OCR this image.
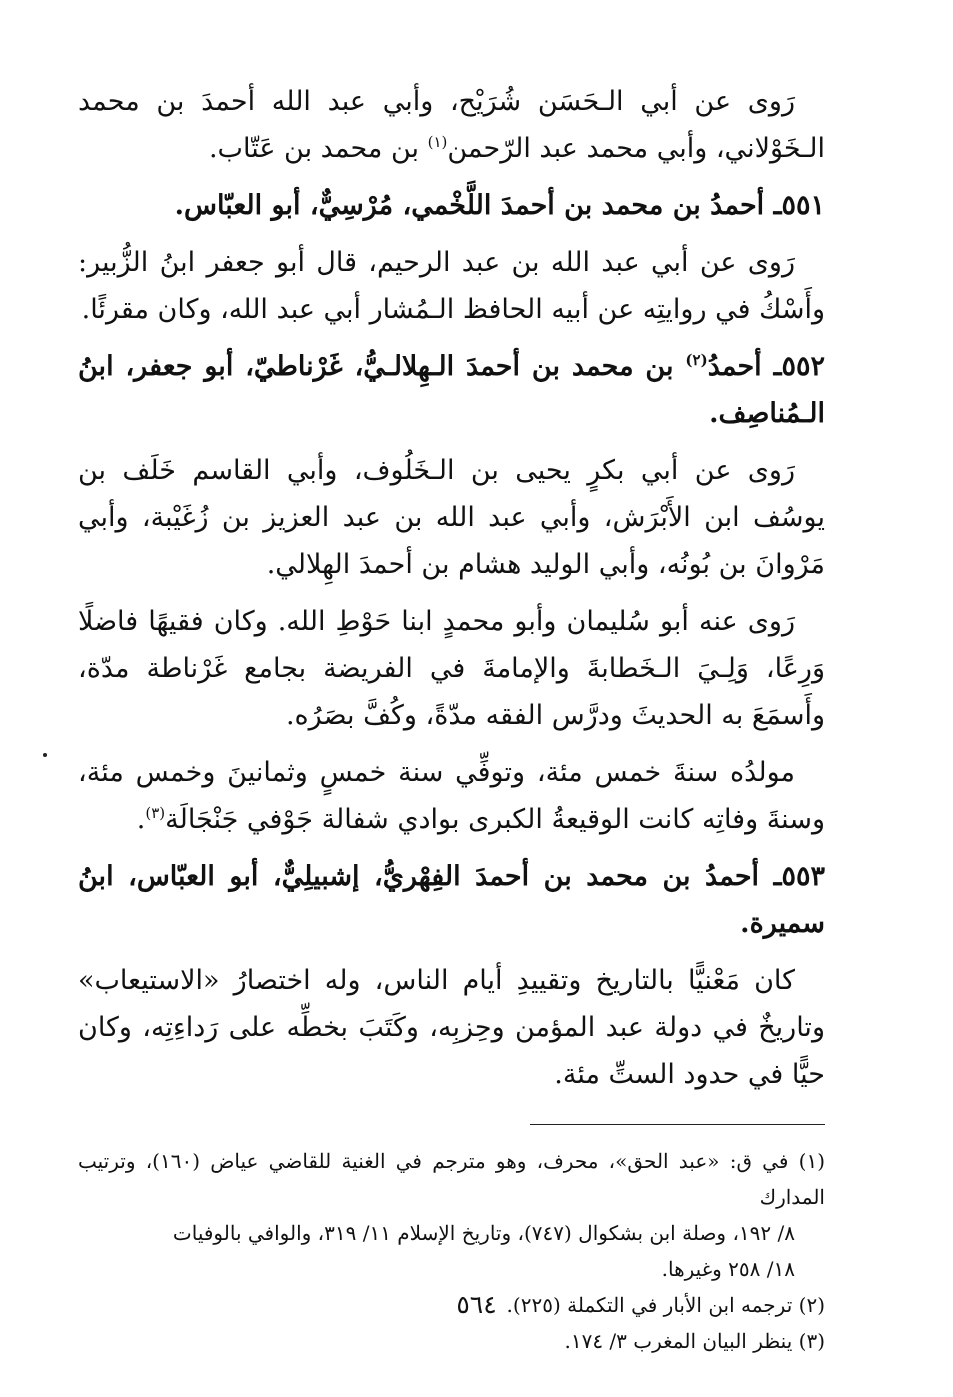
رَوى عن أبي الـحَسَن شُرَيْح، وأبي عبد الله أحمدَ بن محمد الـخَوْلاني، وأبي محمد عبد الرّحمن$^{(١)}$ بن محمد بن عَتّاب.

٥٥١ـ أحمدُ بن محمد بن أحمدَ اللَّخْمي، مُرْسِيٌّ، أبو العبّاس.

رَوى عن أبي عبد الله بن عبد الرحيم، قال أبو جعفر ابنُ الزُّبير: وأَسْكُ في روايتِه عن أبيه الحافظ الـمُشار أبي عبد الله، وكان مقرئًا.

٥٥٢ـ أحمدُ$^{(٢)}$ بن محمد بن أحمدَ الـهِلالـيُّ، غَرْناطيّ، أبو جعفر، ابنُ الـمُناصِف.

رَوى عن أبي بكرٍ يحيى بن الـخَلُوف، وأبي القاسم خَلَف بن يوسُف ابن الأَبْرَش، وأبي عبد الله بن عبد العزيز بن زُغَيْبة، وأبي مَرْوانَ بن بُونُه، وأبي الوليد هشام بن أحمدَ الهِلالي.

رَوى عنه أبو سُليمان وأبو محمدٍ ابنا حَوْطِ الله. وكان فقيهًا فاضلًا وَرِعًا، وَلِـيَ الـخَطابةَ والإمامةَ في الفريضة بجامع غَرْناطة مدّة، وأَسمَعَ به الحديثَ ودرَّس الفقه مدّةً، وكُفَّ بصَرُه.

مولدُه سنةَ خمس مئة، وتوفِّي سنة خمسٍ وثمانينَ وخمس مئة، وسنةَ وفاتِه كانت الوقيعةُ الكبرى بوادي شفالة جَوْفي جَنْجَالَة$^{(٣)}$.

٥٥٣ـ أحمدُ بن محمد بن أحمدَ الفِهْريُّ، إشبيلِيٌّ، أبو العبّاس، ابنُ سميرة.

كان مَعْنيًّا بالتاريخ وتقييدِ أيام الناس، وله اختصارُ «الاستيعاب» وتاريخٌ في دولة عبد المؤمن وحِزبِه، وكَتَبَ بخطِّه على رَداءِتِه، وكان حيًّا في حدود الستِّ مئة.

(١) في ق: «عبد الحق»، محرف، وهو مترجم في الغنية للقاضي عياض (١٦٠)، وترتيب المدارك

٨/ ١٩٢، وصلة ابن بشكوال (٧٤٧)، وتاريخ الإسلام ١١/ ٣١٩، والوافي بالوفيات

١٨/ ٢٥٨ وغيرها.

(٢) ترجمه ابن الأبار في التكملة (٢٢٥).

(٣) ينظر البيان المغرب ٣/ ١٧٤.

٥٦٤
